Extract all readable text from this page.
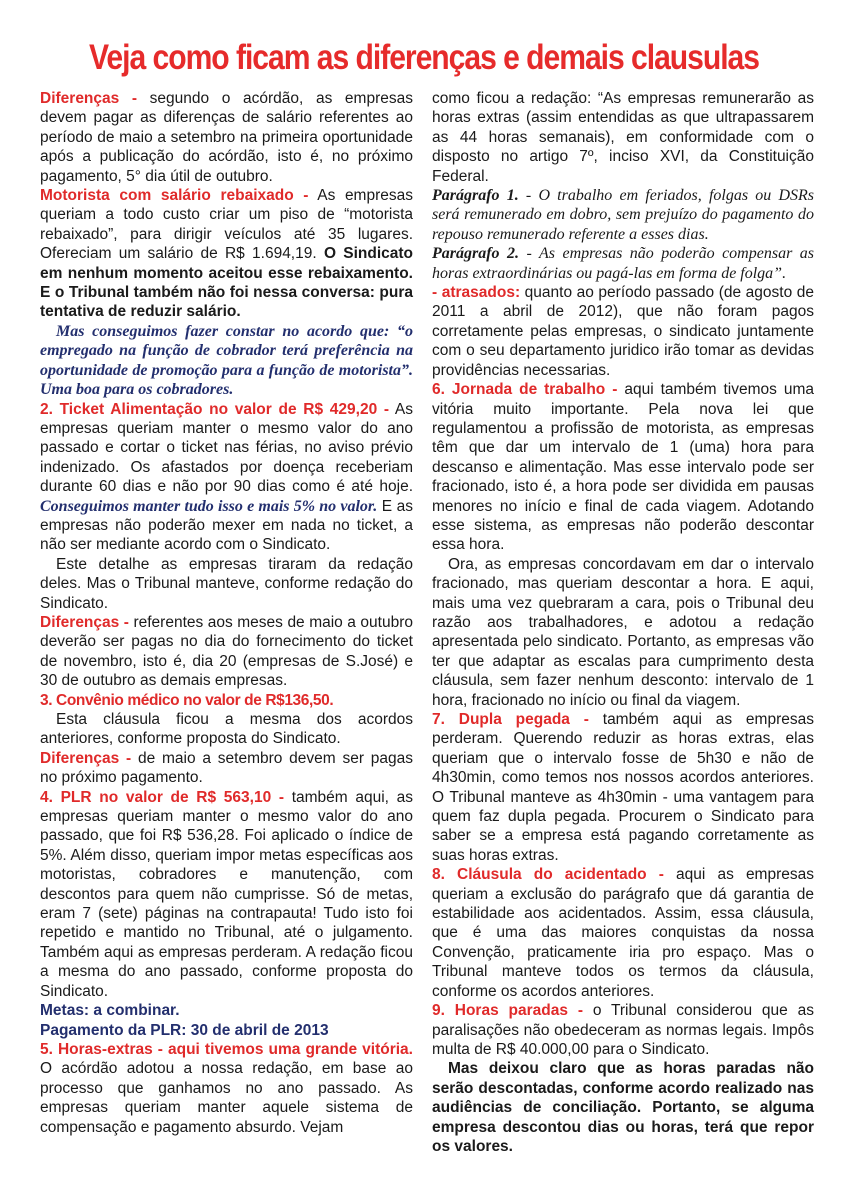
Veja como ficam as diferenças e demais clausulas

Diferenças - segundo o acórdão, as empresas devem pagar as diferenças de salário referentes ao período de maio a setembro na primeira oportunidade após a publicação do acórdão, isto é, no próximo pagamento, 5° dia útil de outubro.

Motorista com salário rebaixado - As empresas queriam a todo custo criar um piso de “motorista rebaixado”, para dirigir veículos até 35 lugares. Ofereciam um salário de R$ 1.694,19. O Sindicato em nenhum momento aceitou esse rebaixamento. E o Tribunal também não foi nessa conversa: pura tentativa de reduzir salário.

Mas conseguimos fazer constar no acordo que: “o empregado na função de cobrador terá preferência na oportunidade de promoção para a função de motorista”. Uma boa para os cobradores.

2. Ticket Alimentação no valor de R$ 429,20 - As empresas queriam manter o mesmo valor do ano passado e cortar o ticket nas férias, no aviso prévio indenizado. Os afastados por doença receberiam durante 60 dias e não por 90 dias como é até hoje. Conseguimos manter tudo isso e mais 5% no valor. E as empresas não poderão mexer em nada no ticket, a não ser mediante acordo com o Sindicato.

Este detalhe as empresas tiraram da redação deles. Mas o Tribunal manteve, conforme redação do Sindicato.

Diferenças - referentes aos meses de maio a outubro deverão ser pagas no dia do fornecimento do ticket de novembro, isto é, dia 20 (empresas de S.José) e 30 de outubro as demais empresas.

3. Convênio médico no valor de R$136,50.

Esta cláusula ficou a mesma dos acordos anteriores, conforme proposta do Sindicato.

Diferenças - de maio a setembro devem ser pagas no próximo pagamento.

4. PLR no valor de R$ 563,10 - também aqui, as empresas queriam manter o mesmo valor do ano passado, que foi R$ 536,28. Foi aplicado o índice de 5%. Além disso, queriam impor metas específicas aos motoristas, cobradores e manutenção, com descontos para quem não cumprisse. Só de metas, eram 7 (sete) páginas na contrapauta! Tudo isto foi repetido e mantido no Tribunal, até o julgamento. Também aqui as empresas perderam. A redação ficou a mesma do ano passado, conforme proposta do Sindicato.

Metas: a combinar.

Pagamento da PLR: 30 de abril de 2013

5. Horas-extras - aqui tivemos uma grande vitória. O acórdão adotou a nossa redação, em base ao processo que ganhamos no ano passado. As empresas queriam manter aquele sistema de compensação e pagamento absurdo. Vejam

como ficou a redação: “As empresas remunerarão as horas extras (assim entendidas as que ultrapassarem as 44 horas semanais), em conformidade com o disposto no artigo 7º, inciso XVI, da Constituição Federal.

Parágrafo 1. - O trabalho em feriados, folgas ou DSRs será remunerado em dobro, sem prejuízo do pagamento do repouso remunerado referente a esses dias.

Parágrafo 2. - As empresas não poderão compensar as horas extraordinárias ou pagá-las em forma de folga”.

- atrasados: quanto ao período passado (de agosto de 2011 a abril de 2012), que não foram pagos corretamente pelas empresas, o sindicato juntamente com o seu departamento juridico irão tomar as devidas providências necessarias.

6. Jornada de trabalho - aqui também tivemos uma vitória muito importante. Pela nova lei que regulamentou a profissão de motorista, as empresas têm que dar um intervalo de 1 (uma) hora para descanso e alimentação. Mas esse intervalo pode ser fracionado, isto é, a hora pode ser dividida em pausas menores no início e final de cada viagem. Adotando esse sistema, as empresas não poderão descontar essa hora.

Ora, as empresas concordavam em dar o intervalo fracionado, mas queriam descontar a hora. E aqui, mais uma vez quebraram a cara, pois o Tribunal deu razão aos trabalhadores, e adotou a redação apresentada pelo sindicato. Portanto, as empresas vão ter que adaptar as escalas para cumprimento desta cláusula, sem fazer nenhum desconto: intervalo de 1 hora, fracionado no início ou final da viagem.

7. Dupla pegada - também aqui as empresas perderam. Querendo reduzir as horas extras, elas queriam que o intervalo fosse de 5h30 e não de 4h30min, como temos nos nossos acordos anteriores. O Tribunal manteve as 4h30min - uma vantagem para quem faz dupla pegada. Procurem o Sindicato para saber se a empresa está pagando corretamente as suas horas extras.

8. Cláusula do acidentado - aqui as empresas queriam a exclusão do parágrafo que dá garantia de estabilidade aos acidentados. Assim, essa cláusula, que é uma das maiores conquistas da nossa Convenção, praticamente iria pro espaço. Mas o Tribunal manteve todos os termos da cláusula, conforme os acordos anteriores.

9. Horas paradas - o Tribunal considerou que as paralisações não obedeceram as normas legais. Impôs multa de R$ 40.000,00 para o Sindicato.

Mas deixou claro que as horas paradas não serão descontadas, conforme acordo realizado nas audiências de conciliação. Portanto, se alguma empresa descontou dias ou horas, terá que repor os valores.
